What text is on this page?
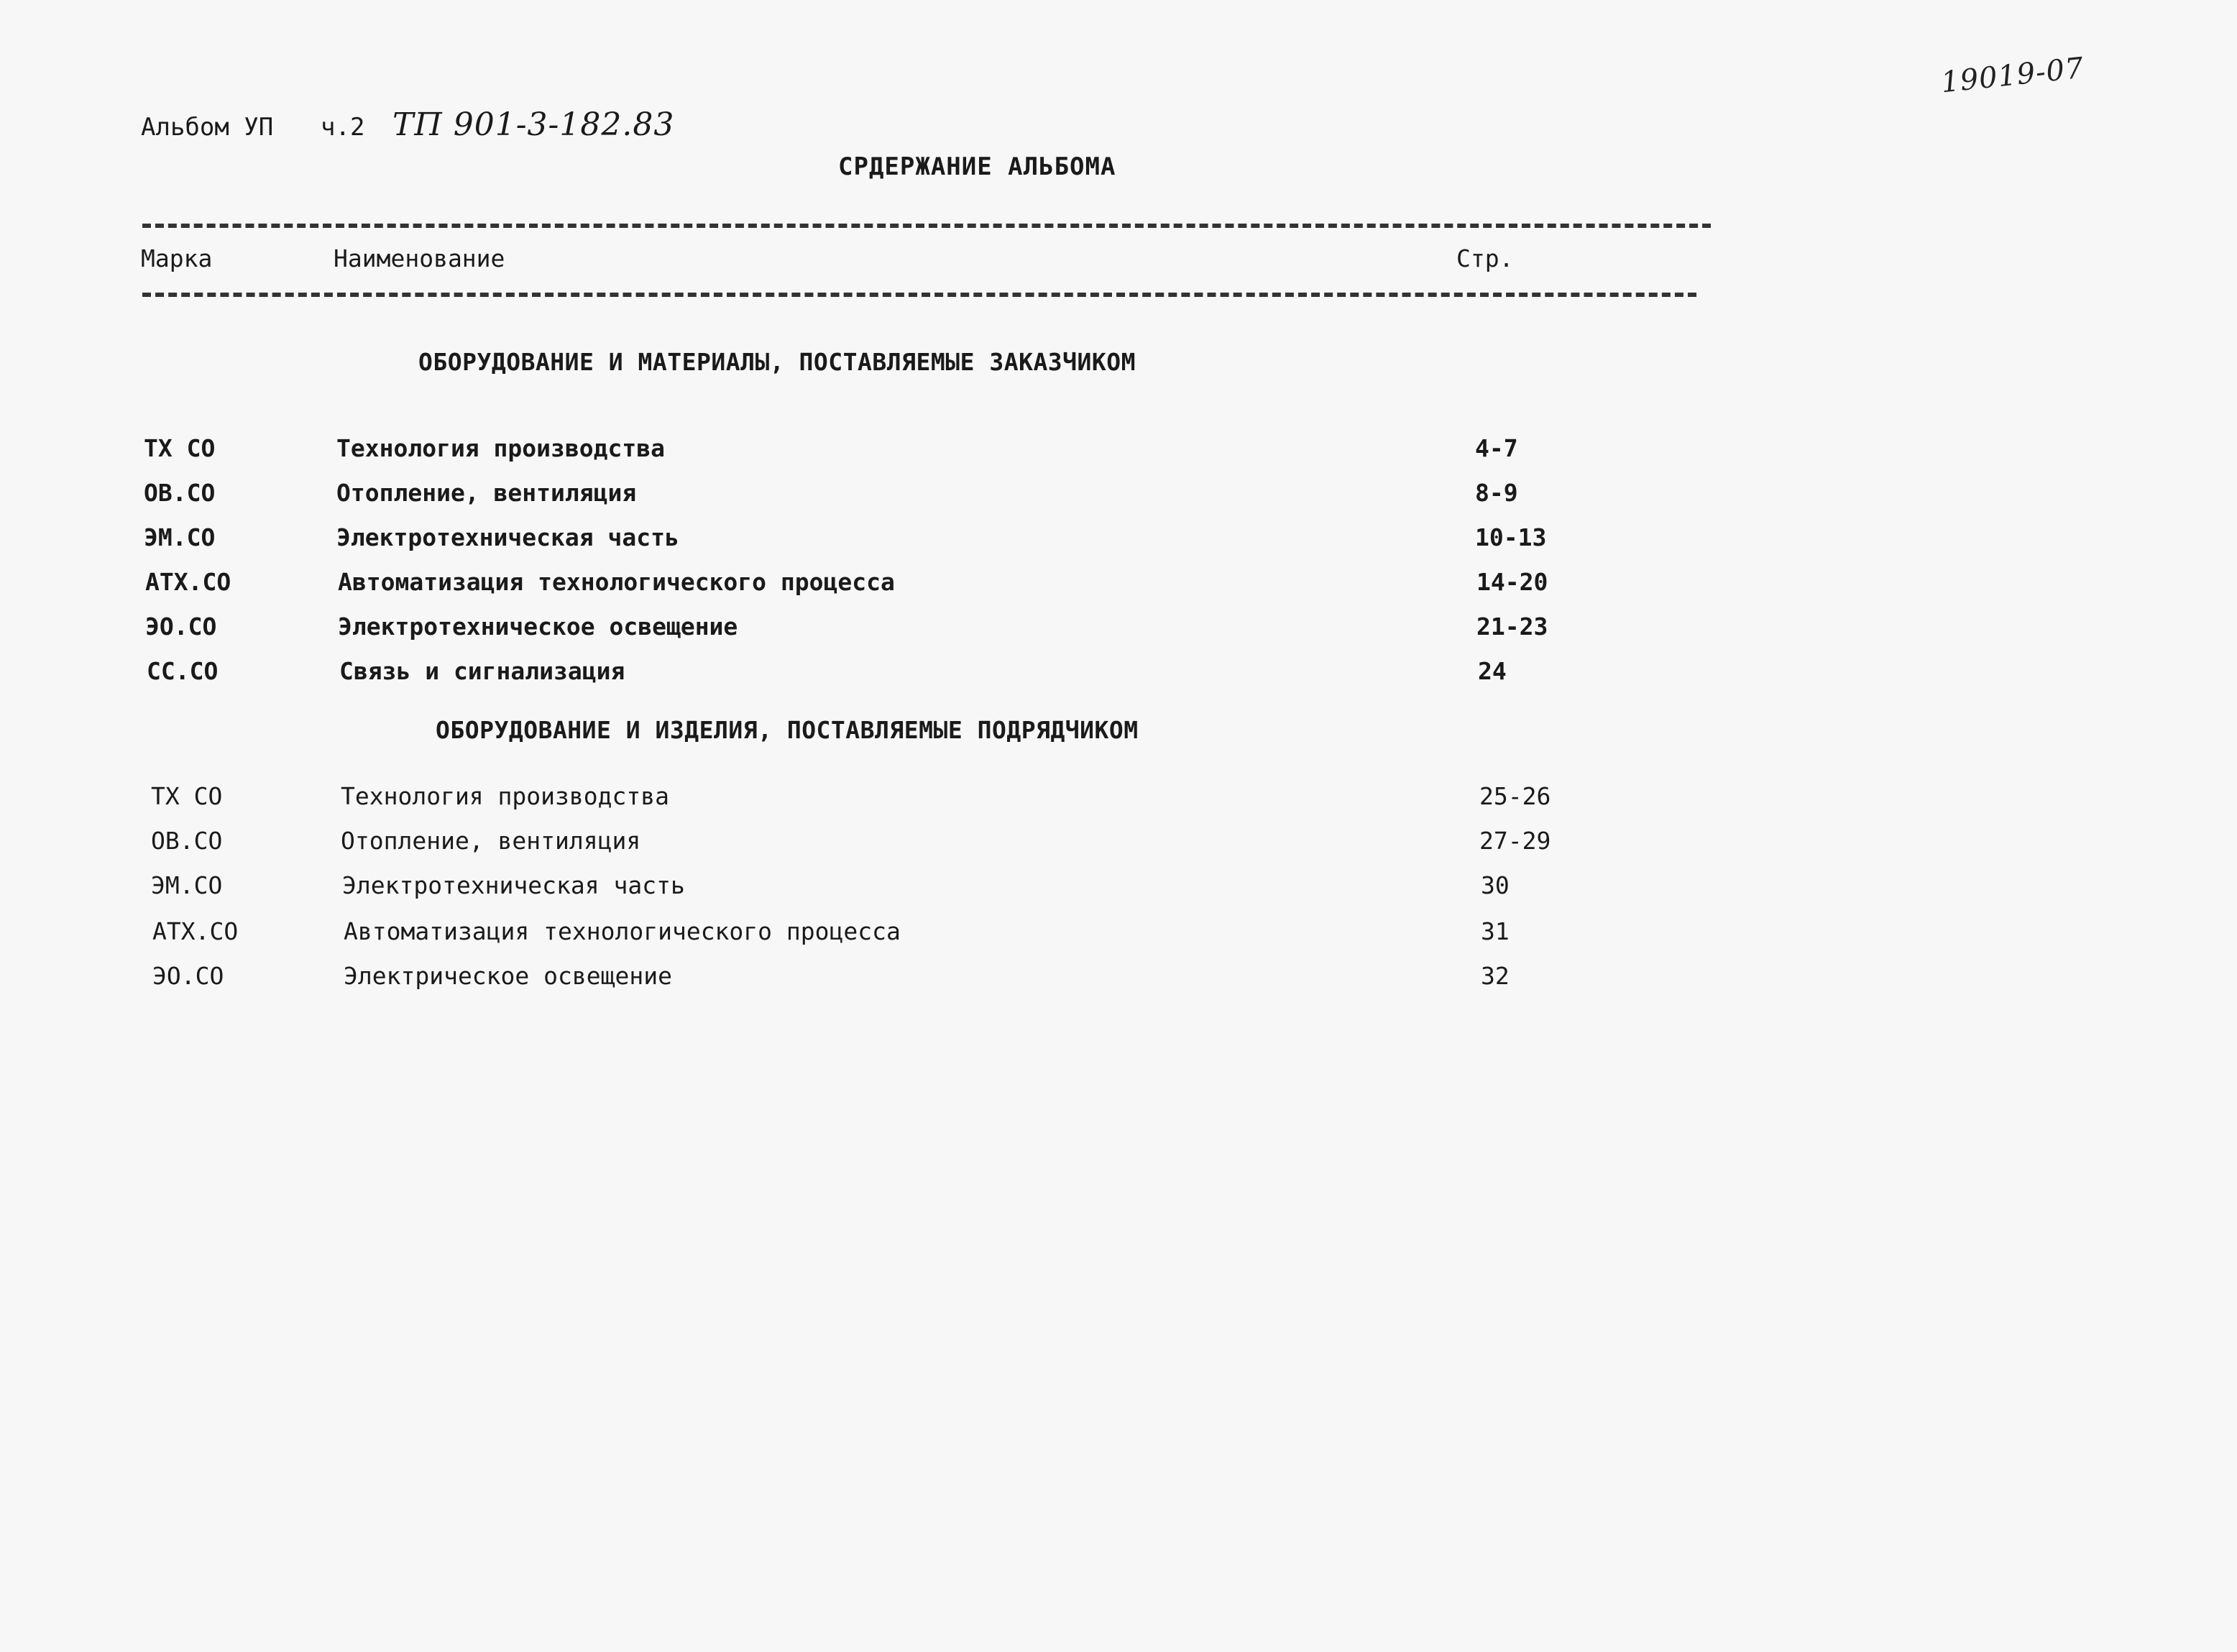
19019-07
Альбом УП	ч.2 ТП 901-3-182.83
СРДЕРЖАНИЕ АЛЬБОМА
Марка	Наименование	Стр.
ОБОРУДОВАНИЕ И МАТЕРИАЛЫ, ПОСТАВЛЯЕМЫЕ ЗАКАЗЧИКОМ
ТХ СО	Технология производства	4-7
ОВ.СО	Отопление, вентиляция	8-9
ЭМ.СО	Электротехническая часть	10-13
АТХ.СО	Автоматизация технологического процесса	14-20
ЭО.СО	Электротехническое освещение	21-23
СС.СО	Связь и сигнализация	24
ОБОРУДОВАНИЕ И ИЗДЕЛИЯ, ПОСТАВЛЯЕМЫЕ ПОДРЯДЧИКОМ
ТХ СО	Технология производства	25-26
ОВ.СО	Отопление, вентиляция	27-29
ЭМ.СО	Электротехническая часть	30
АТХ.СО	Автоматизация технологического процесса	31
ЭО.СО	Электрическое освещение	32
